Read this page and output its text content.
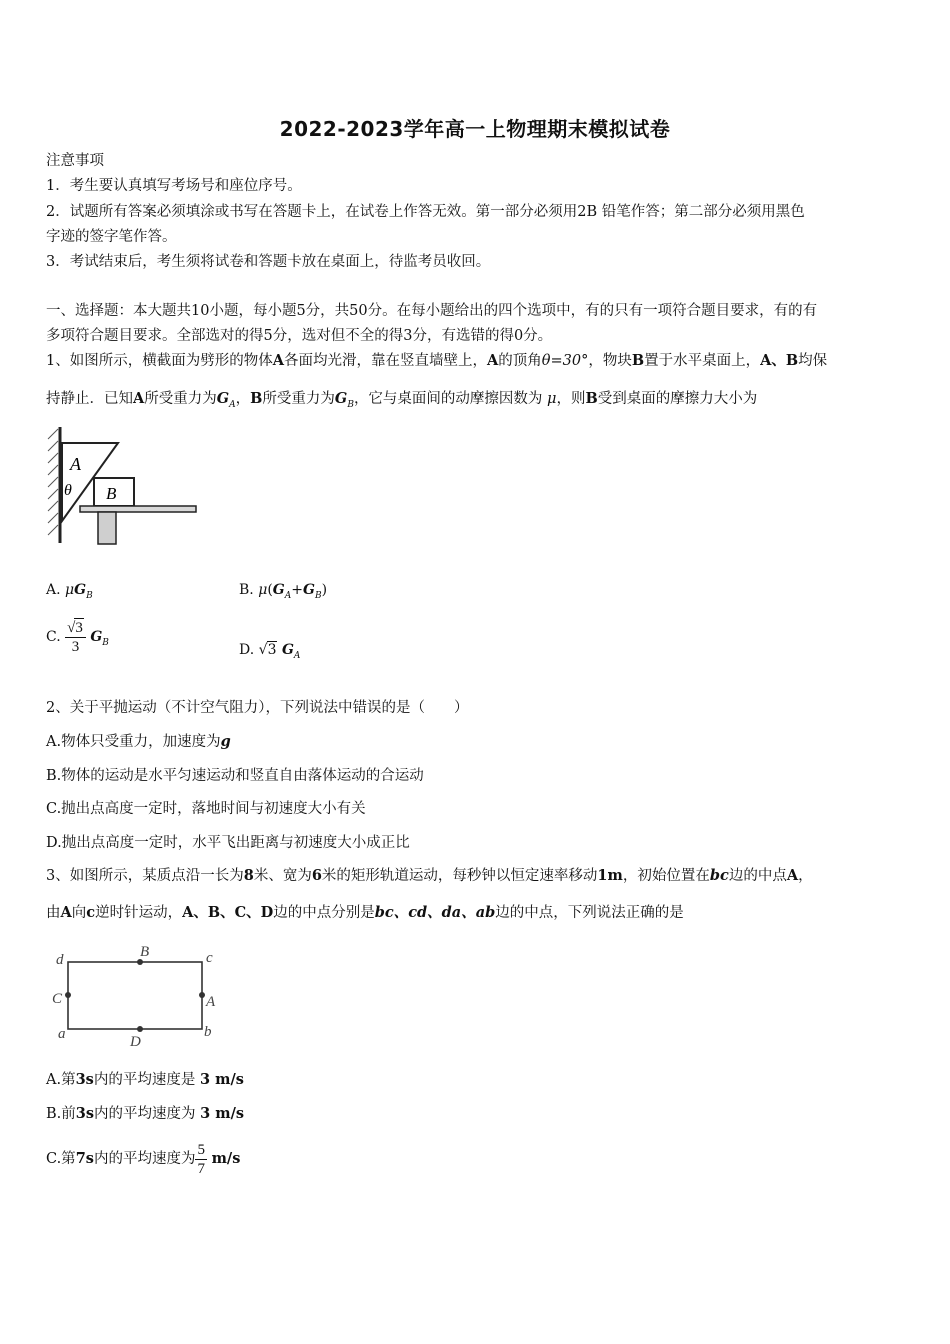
2022-2023学年高一上物理期末模拟试卷
注意事项
1．考生要认真填写考场号和座位序号。
2．试题所有答案必须填涂或书写在答题卡上，在试卷上作答无效。第一部分必须用2B 铅笔作答；第二部分必须用黑色
字迹的签字笔作答。
3．考试结束后，考生须将试卷和答题卡放在桌面上，待监考员收回。
一、选择题：本大题共10小题，每小题5分，共50分。在每小题给出的四个选项中，有的只有一项符合题目要求，有的有
多项符合题目要求。全部选对的得5分，选对但不全的得3分，有选错的得0分。
1、如图所示，横截面为劈形的物体A各面均光滑，靠在竖直墙壁上，A的顶角θ=30°，物块B置于水平桌面上，A、B均保
持静止．已知A所受重力为$G_A$，B所受重力为$G_B$，它与桌面间的动摩擦因数为 μ，则B受到桌面的摩擦力大小为
A
θ B
A. $\mu G_B$	B. $\mu(G_A+G_B)$
C. $\frac{√3}{3} G_B$	D. √3 $G_A$
2、关于平抛运动（不计空气阻力），下列说法中错误的是（　　）
A.物体只受重力，加速度为g
B.物体的运动是水平匀速运动和竖直自由落体运动的合运动
C.抛出点高度一定时，落地时间与初速度大小有关
D.抛出点高度一定时，水平飞出距离与初速度大小成正比
3、如图所示，某质点沿一长为8米、宽为6米的矩形轨道运动，每秒钟以恒定速率移动1m，初始位置在bc边的中点A，
由A向c逆时针运动，A、B、C、D边的中点分别是bc、cd、da、ab边的中点，下列说法正确的是
d	B	c
C	A
a	D
b
A.第3s内的平均速度是 3 m/s
B.前3s内的平均速度为 3 m/s
C.第7s内的平均速度为 $\frac{5}{7} m/s$
